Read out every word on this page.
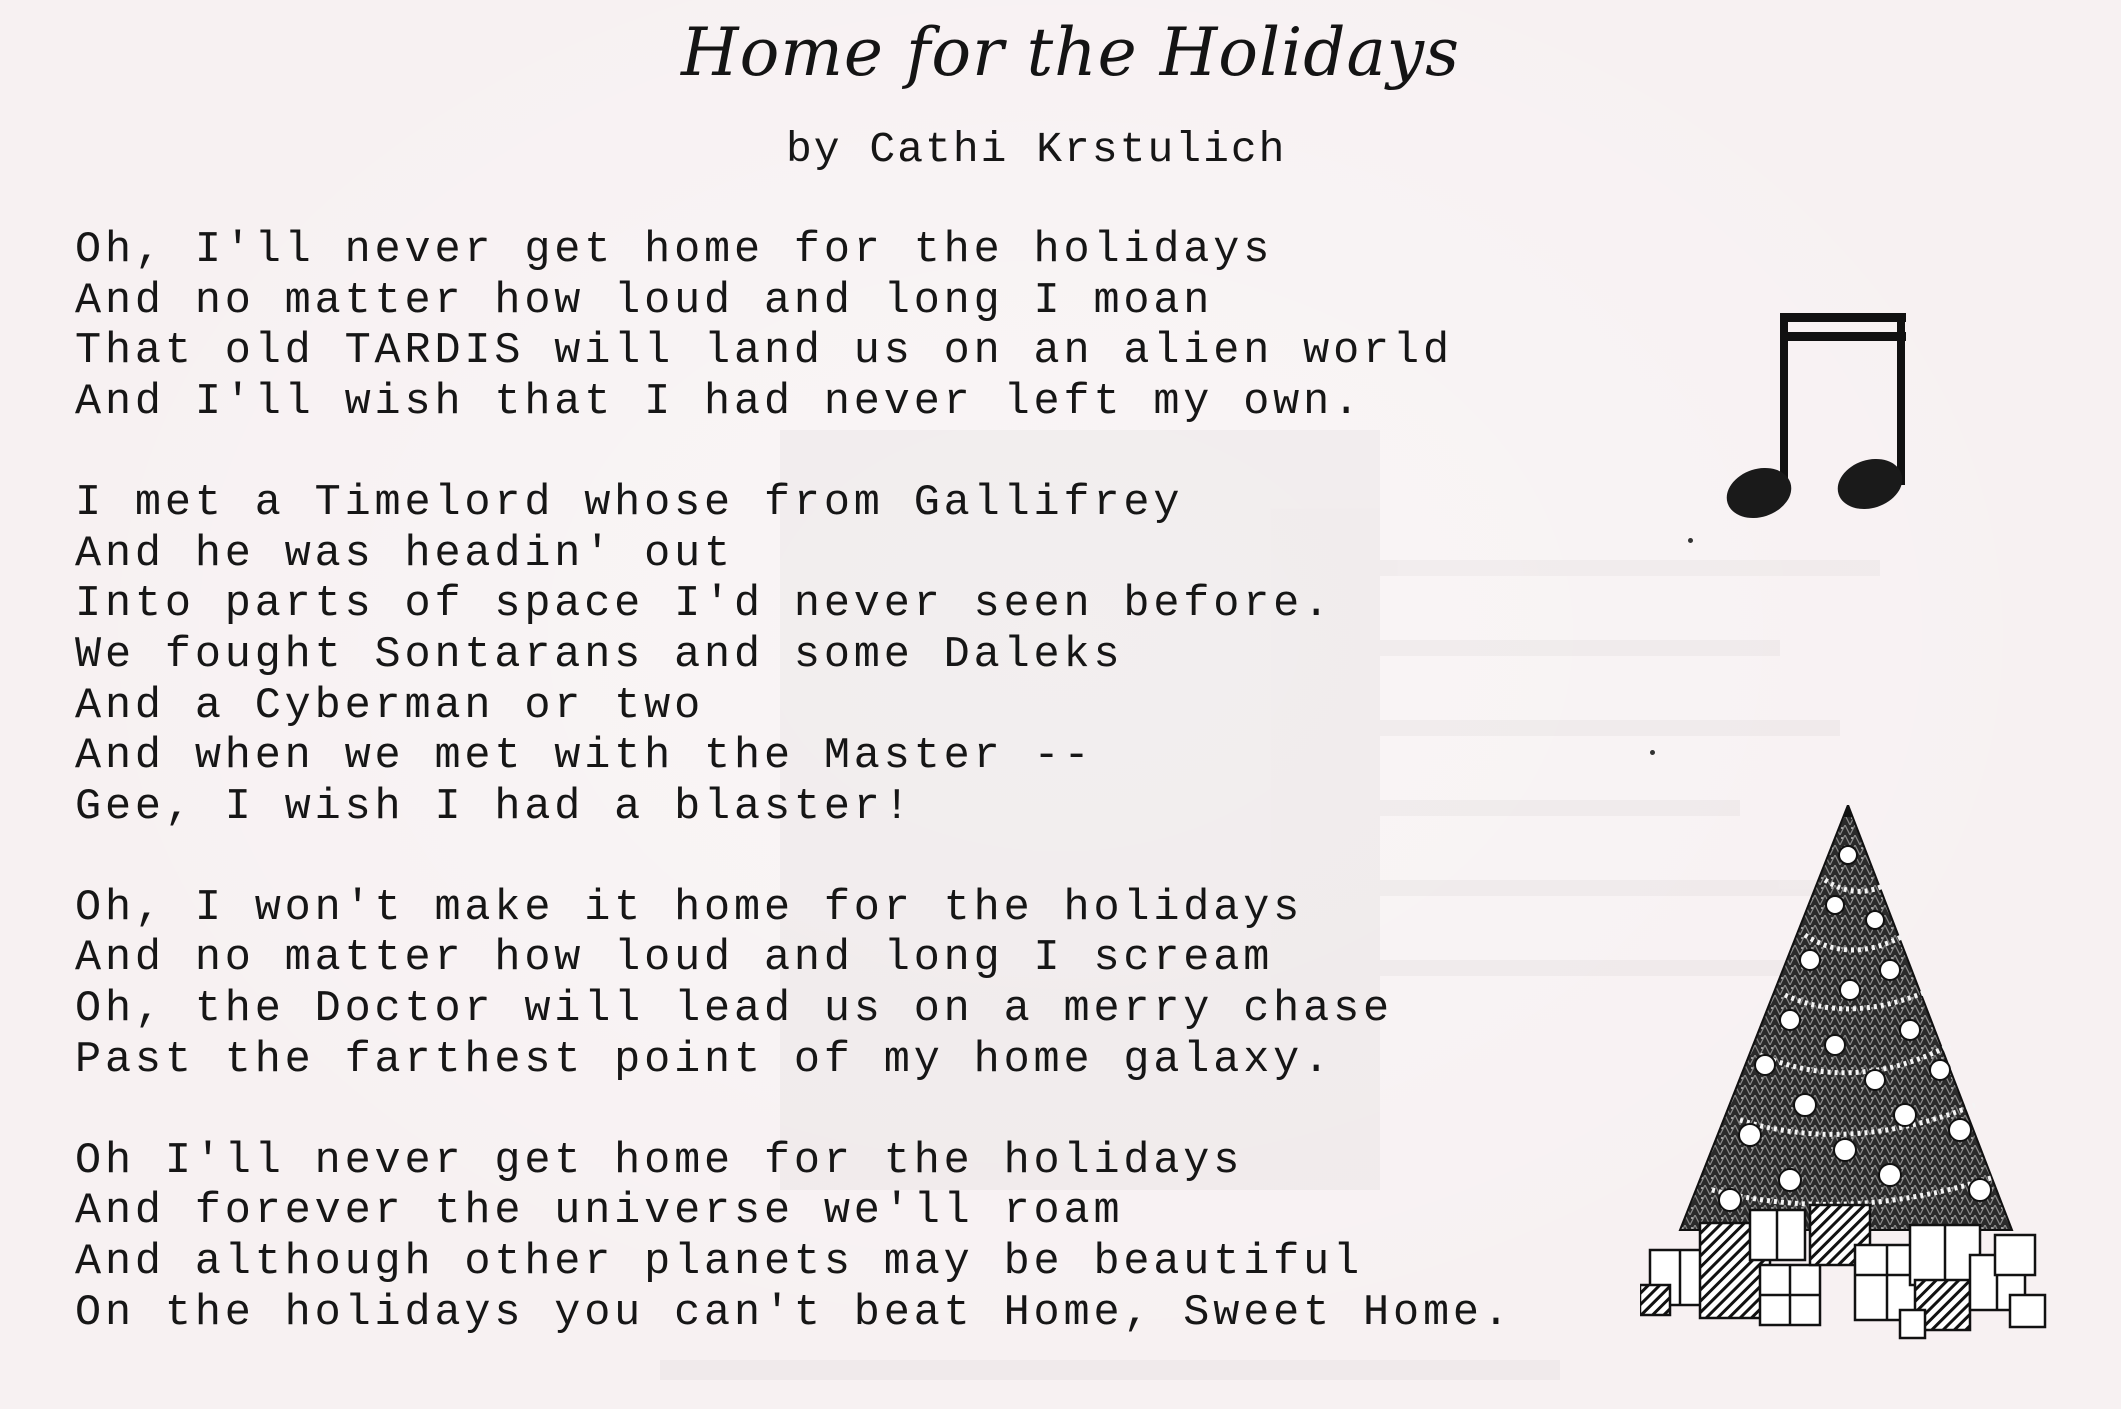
Home for the Holidays
by Cathi Krstulich
Oh, I'll never get home for the holidays
And no matter how loud and long I moan
That old TARDIS will land us on an alien world
And I'll wish that I had never left my own.
I met a Timelord whose from Gallifrey
And he was headin' out
Into parts of space I'd never seen before.
We fought Sontarans and some Daleks
And a Cyberman or two
And when we met with the Master --
Gee, I wish I had a blaster!
Oh, I won't make it home for the holidays
And no matter how loud and long I scream
Oh, the Doctor will lead us on a merry chase
Past the farthest point of my home galaxy.
Oh I'll never get home for the holidays
And forever the universe we'll roam
And although other planets may be beautiful
On the holidays you can't beat Home, Sweet Home.
